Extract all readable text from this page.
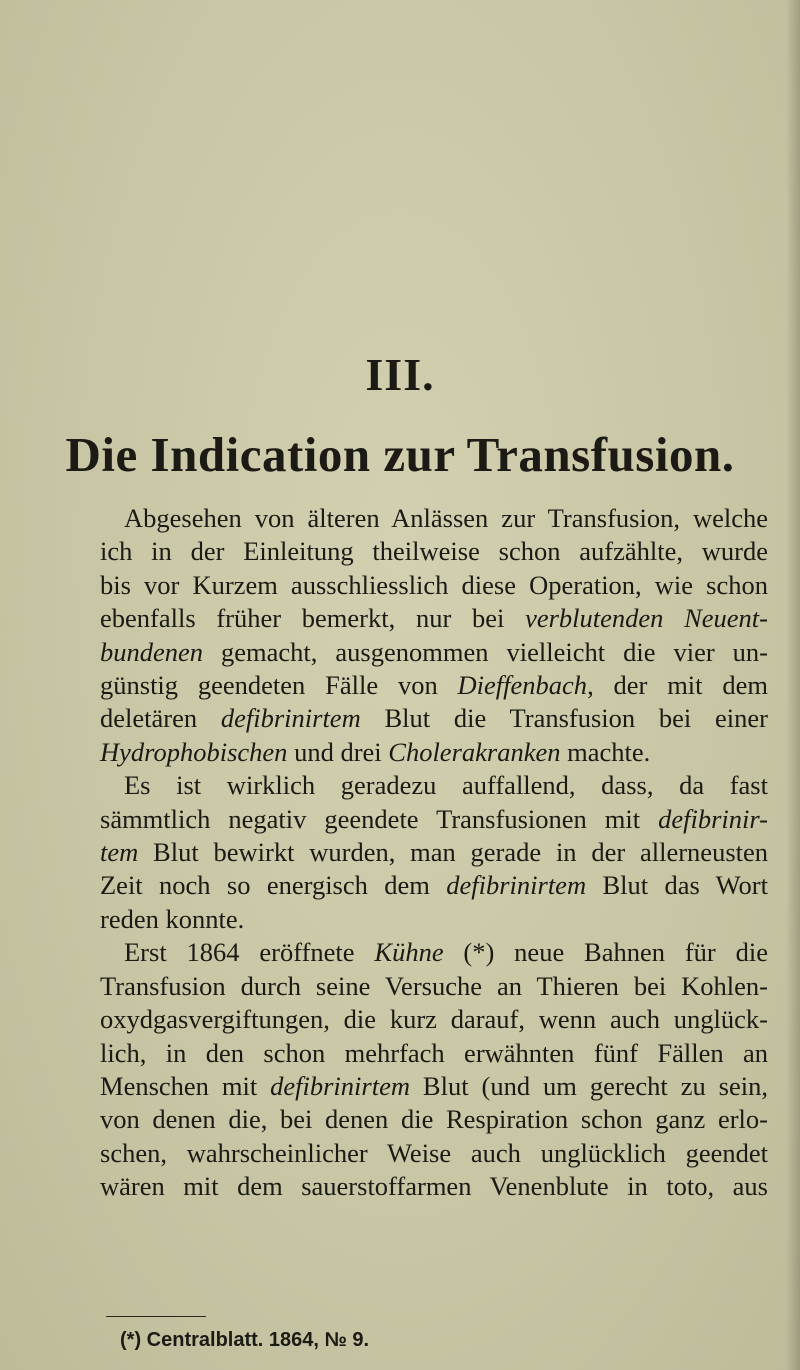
III.
Die Indication zur Transfusion.
Abgesehen von älteren Anlässen zur Transfusion, welche
ich in der Einleitung theilweise schon aufzählte, wurde
bis vor Kurzem ausschliesslich diese Operation, wie schon
ebenfalls früher bemerkt, nur bei verblutenden Neuent-
bundenen gemacht, ausgenommen vielleicht die vier un-
günstig geendeten Fälle von Dieffenbach, der mit dem
deletären defibrinirtem Blut die Transfusion bei einer
Hydrophobischen und drei Cholerakranken machte.
Es ist wirklich geradezu auffallend, dass, da fast
sämmtlich negativ geendete Transfusionen mit defibrinir-
tem Blut bewirkt wurden, man gerade in der allerneusten
Zeit noch so energisch dem defibrinirtem Blut das Wort
reden konnte.
Erst 1864 eröffnete Kühne (*) neue Bahnen für die
Transfusion durch seine Versuche an Thieren bei Kohlen-
oxydgasvergiftungen, die kurz darauf, wenn auch unglück-
lich, in den schon mehrfach erwähnten fünf Fällen an
Menschen mit defibrinirtem Blut (und um gerecht zu sein,
von denen die, bei denen die Respiration schon ganz erlo-
schen, wahrscheinlicher Weise auch unglücklich geendet
wären mit dem sauerstoffarmen Venenblute in toto, aus
(*) Centralblatt. 1864, № 9.
